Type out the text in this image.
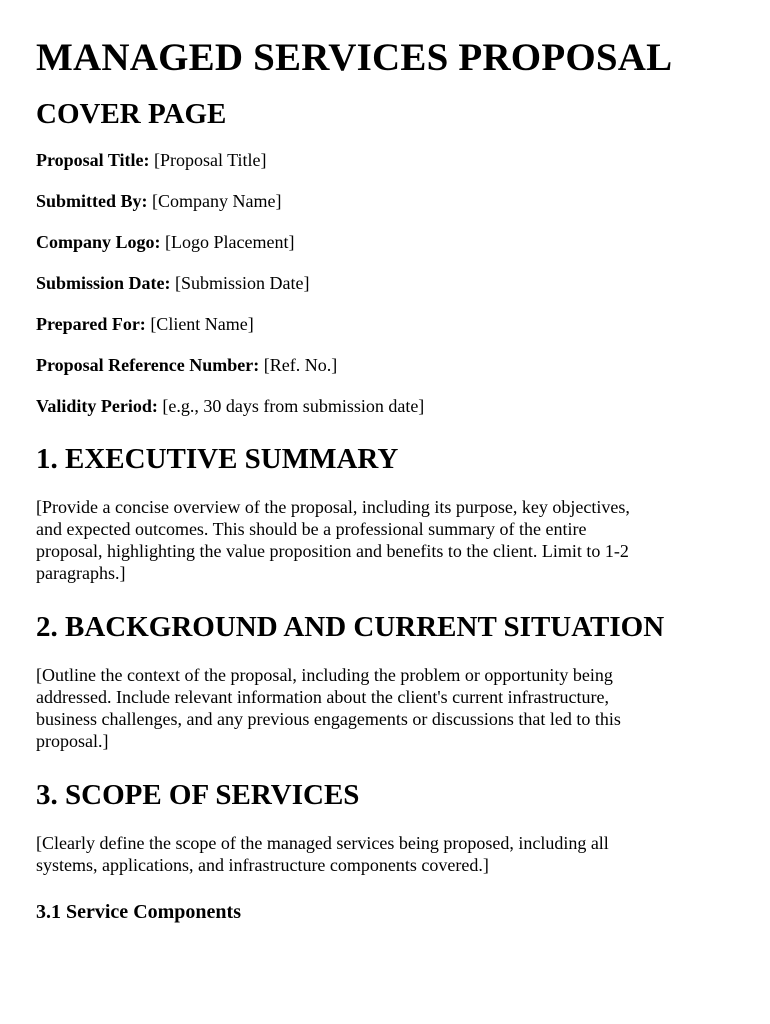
MANAGED SERVICES PROPOSAL
COVER PAGE

Proposal Title: [Proposal Title]

Submitted By: [Company Name]

Company Logo: [Logo Placement]

Submission Date: [Submission Date]

Prepared For: [Client Name]

Proposal Reference Number: [Ref. No.]

Validity Period: [e.g., 30 days from submission date]

1. EXECUTIVE SUMMARY
[Provide a concise overview of the proposal, including its purpose, key objectives,
and expected outcomes. This should be a professional summary of the entire
proposal, highlighting the value proposition and benefits to the client. Limit to 1-2
paragraphs.]
2. BACKGROUND AND CURRENT SITUATION
[Outline the context of the proposal, including the problem or opportunity being
addressed. Include relevant information about the client's current infrastructure,
business challenges, and any previous engagements or discussions that led to this
proposal.]
3. SCOPE OF SERVICES
[Clearly define the scope of the managed services being proposed, including all
systems, applications, and infrastructure components covered.]
3.1 Service Components
